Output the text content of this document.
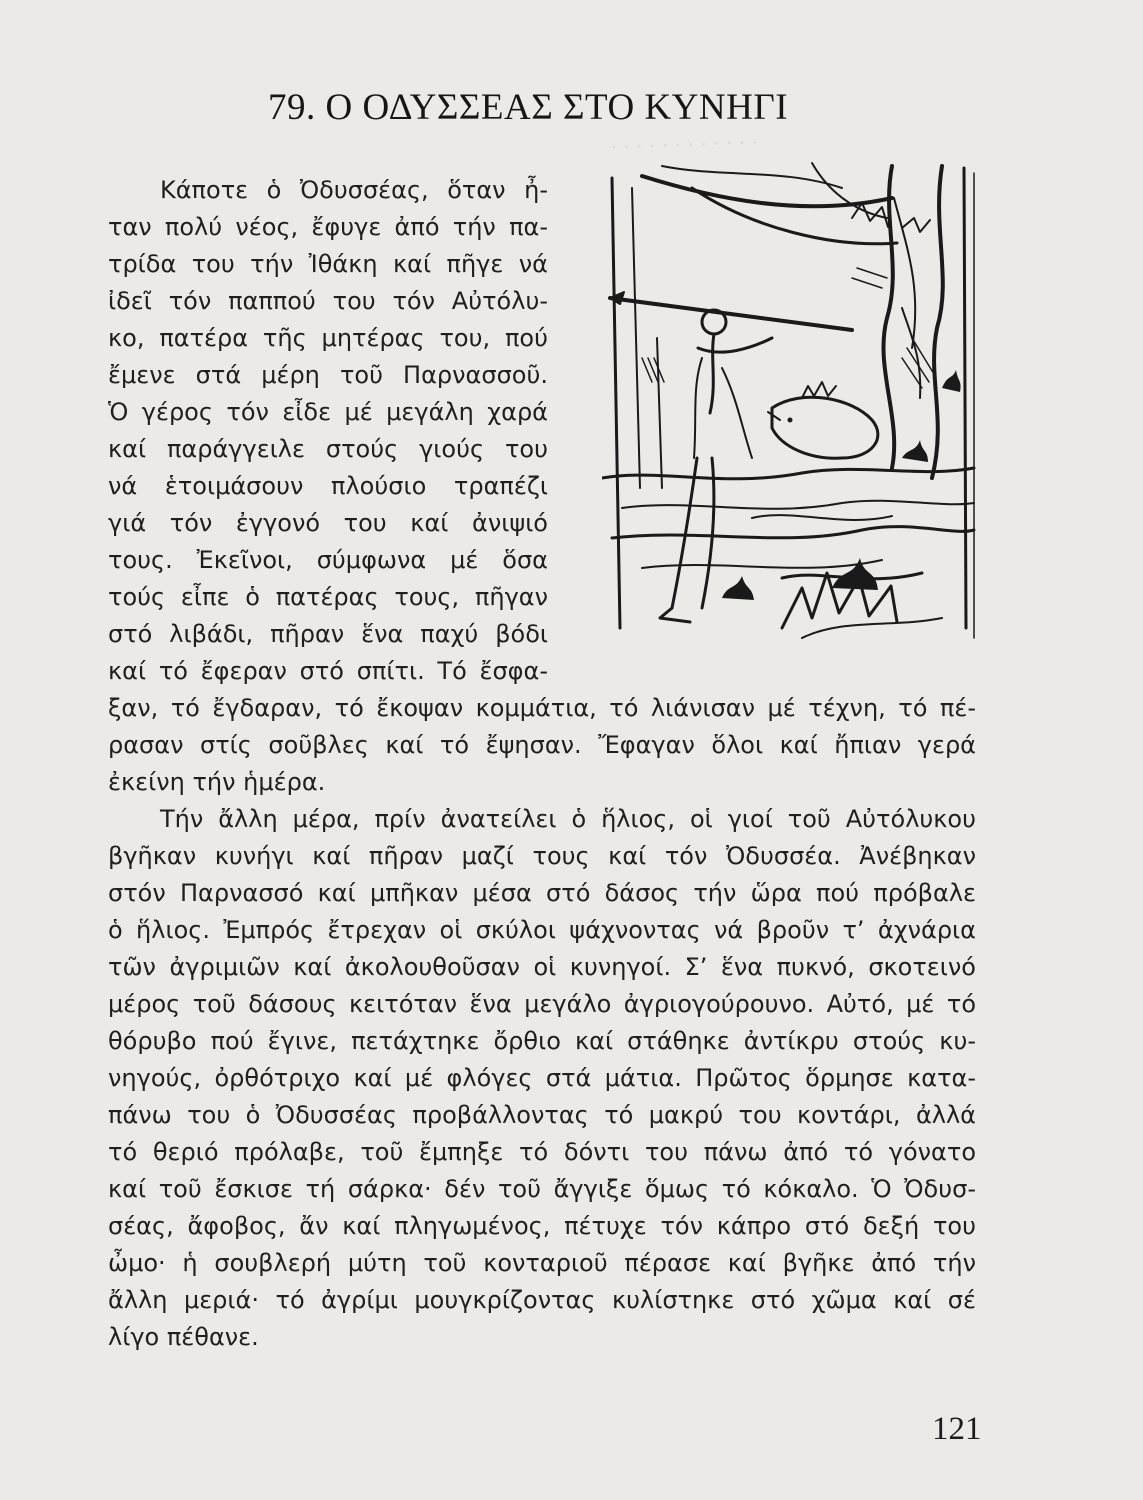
· · · · · · · · · · · ·
79. Ο ΟΔΥΣΣΕΑΣ ΣΤΟ ΚΥΝΗΓΙ
Κάποτε ὁ Ὀδυσσέας, ὅταν ἦ-
ταν πολύ νέος, ἔφυγε ἀπό τήν πα-
τρίδα του τήν Ἰθάκη καί πῆγε νά
ἰδεῖ τόν παππού του τόν Αὐτόλυ-
κο, πατέρα τῆς μητέρας του, πού
ἔμενε στά μέρη τοῦ Παρνασσοῦ.
Ὁ γέρος τόν εἶδε μέ μεγάλη χαρά
καί παράγγειλε στούς γιούς του
νά ἑτοιμάσουν πλούσιο τραπέζι
γιά τόν ἐγγονό του καί ἀνιψιό
τους. Ἐκεῖνοι, σύμφωνα μέ ὅσα
τούς εἶπε ὁ πατέρας τους, πῆγαν
στό λιβάδι, πῆραν ἕνα παχύ βόδι
καί τό ἔφεραν στό σπίτι. Τό ἔσφα-
ξαν, τό ἔγδαραν, τό ἔκοψαν κομμάτια, τό λιάνισαν μέ τέχνη, τό πέ-
ρασαν στίς σοῦβλες καί τό ἔψησαν. Ἔφαγαν ὅλοι καί ἤπιαν γερά
ἐκείνη τήν ἡμέρα.
Τήν ἄλλη μέρα, πρίν ἀνατείλει ὁ ἥλιος, οἱ γιοί τοῦ Αὐτόλυκου
βγῆκαν κυνήγι καί πῆραν μαζί τους καί τόν Ὀδυσσέα. Ἀνέβηκαν
στόν Παρνασσό καί μπῆκαν μέσα στό δάσος τήν ὥρα πού πρόβαλε
ὁ ἥλιος. Ἐμπρός ἔτρεχαν οἱ σκύλοι ψάχνοντας νά βροῦν τ’ ἀχνάρια
τῶν ἀγριμιῶν καί ἀκολουθοῦσαν οἱ κυνηγοί. Σ’ ἕνα πυκνό, σκοτεινό
μέρος τοῦ δάσους κειτόταν ἕνα μεγάλο ἀγριογούρουνο. Αὐτό, μέ τό
θόρυβο πού ἔγινε, πετάχτηκε ὄρθιο καί στάθηκε ἀντίκρυ στούς κυ-
νηγούς, ὀρθότριχο καί μέ φλόγες στά μάτια. Πρῶτος ὅρμησε κατα-
πάνω του ὁ Ὀδυσσέας προβάλλοντας τό μακρύ του κοντάρι, ἀλλά
τό θεριό πρόλαβε, τοῦ ἔμπηξε τό δόντι του πάνω ἀπό τό γόνατο
καί τοῦ ἔσκισε τή σάρκα· δέν τοῦ ἄγγιξε ὅμως τό κόκαλο. Ὁ Ὀδυσ-
σέας, ἄφοβος, ἄν καί πληγωμένος, πέτυχε τόν κάπρο στό δεξή του
ὦμο· ἡ σουβλερή μύτη τοῦ κονταριοῦ πέρασε καί βγῆκε ἀπό τήν
ἄλλη μεριά· τό ἀγρίμι μουγκρίζοντας κυλίστηκε στό χῶμα καί σέ
λίγο πέθανε.
121
